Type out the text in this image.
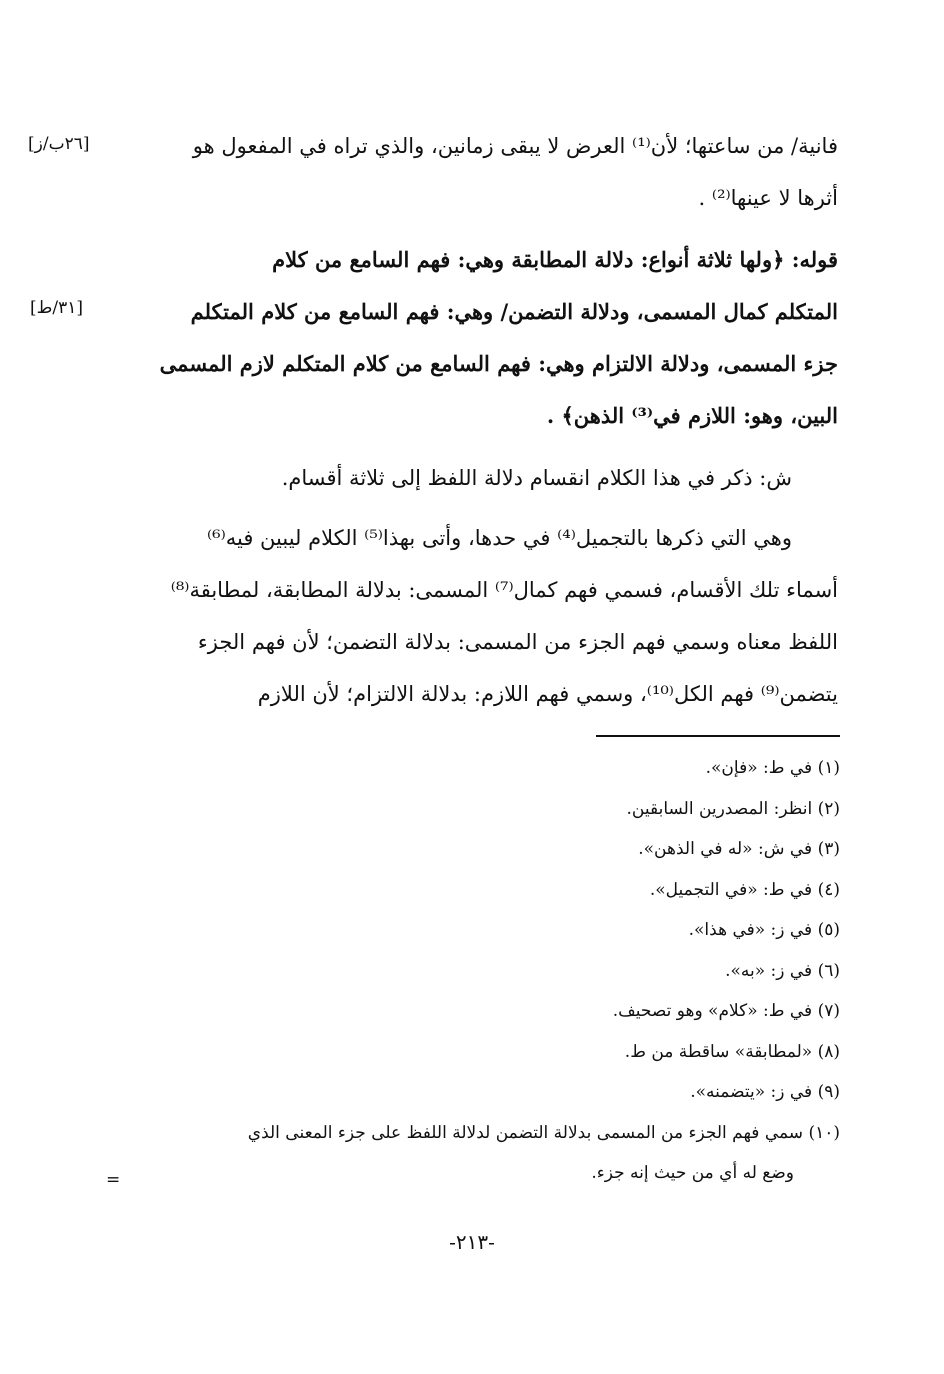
[٢٦ب/ز]
[٣١/ط]
فانية/ من ساعتها؛ لأن⁽¹⁾ العرض لا يبقى زمانين، والذي تراه في المفعول هو
أثرها لا عينها⁽²⁾ .
قوله: ﴿ولها ثلاثة أنواع: دلالة المطابقة وهي: فهم السامع من كلام
المتكلم كمال المسمى، ودلالة التضمن/ وهي: فهم السامع من كلام المتكلم
جزء المسمى، ودلالة الالتزام وهي: فهم السامع من كلام المتكلم لازم المسمى
البين، وهو: اللازم في⁽³⁾ الذهن﴾ .
ش: ذكر في هذا الكلام انقسام دلالة اللفظ إلى ثلاثة أقسام.
وهي التي ذكرها بالتجميل⁽⁴⁾ في حدها، وأتى بهذا⁽⁵⁾ الكلام ليبين فيه⁽⁶⁾
أسماء تلك الأقسام، فسمي فهم كمال⁽⁷⁾ المسمى: بدلالة المطابقة، لمطابقة⁽⁸⁾
اللفظ معناه وسمي فهم الجزء من المسمى: بدلالة التضمن؛ لأن فهم الجزء
يتضمن⁽⁹⁾ فهم الكل⁽¹⁰⁾، وسمي فهم اللازم: بدلالة الالتزام؛ لأن اللازم
(١) في ط: «فإن».
(٢) انظر: المصدرين السابقين.
(٣) في ش: «له في الذهن».
(٤) في ط: «في التجميل».
(٥) في ز: «في هذا».
(٦) في ز: «به».
(٧) في ط: «كلام» وهو تصحيف.
(٨) «لمطابقة» ساقطة من ط.
(٩) في ز: «يتضمنه».
(١٠) سمي فهم الجزء من المسمى بدلالة التضمن لدلالة اللفظ على جزء المعنى الذي
وضع له أي من حيث إنه جزء.
=
-٢١٣-
